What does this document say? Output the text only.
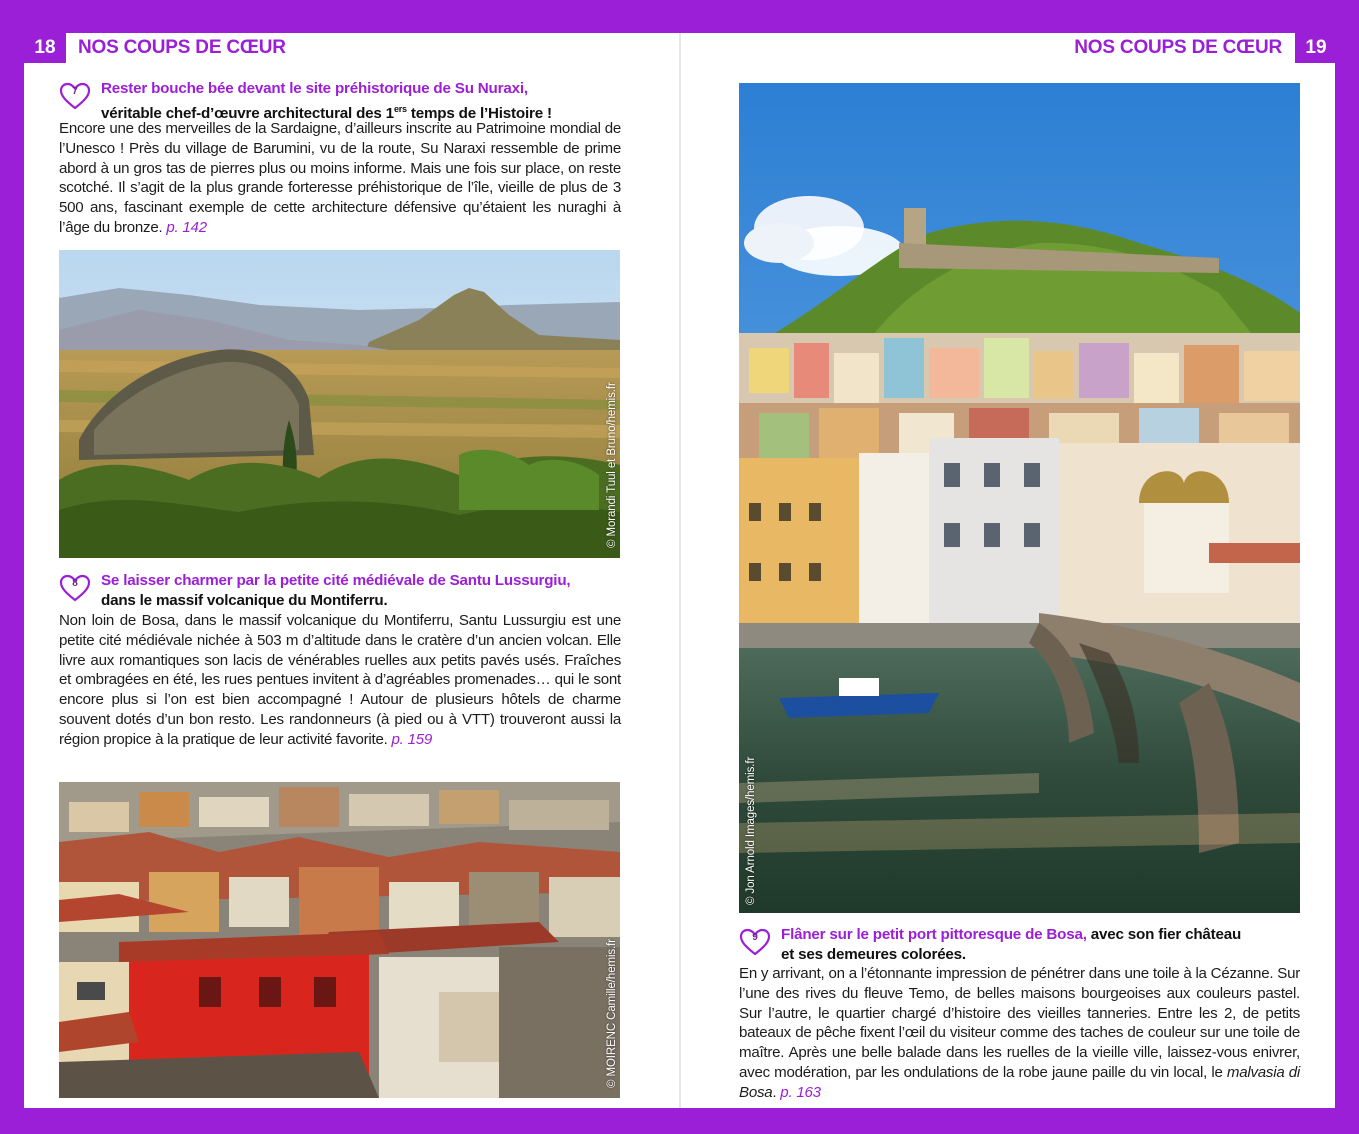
18	NOS COUPS DE CŒUR	NOS COUPS DE CŒUR	19
7	Rester bouche bée devant le site préhistorique de Su Nuraxi,
véritable chef-d’œuvre architectural des 1ers temps de l’Histoire !
Encore une des merveilles de la Sardaigne, d’ailleurs inscrite au Patrimoine mondial de l’Unesco ! Près du village de Barumini, vu de la route, Su Naraxi ressemble de prime abord à un gros tas de pierres plus ou moins informe. Mais une fois sur place, on reste scotché. Il s’agit de la plus grande forteresse préhistorique de l’île, vieille de plus de 3 500 ans, fascinant exemple de cette architecture défensive qu’étaient les nuraghi à l’âge du bronze. p. 142
© Morandi Tuul et Bruno/hemis.fr
8	Se laisser charmer par la petite cité médiévale de Santu Lussurgiu,
dans le massif volcanique du Montiferru.
Non loin de Bosa, dans le massif volcanique du Montiferru, Santu Lussurgiu est une petite cité médiévale nichée à 503 m d’altitude dans le cratère d’un ancien volcan. Elle livre aux romantiques son lacis de vénérables ruelles aux petits pavés usés. Fraîches et ombragées en été, les rues pentues invitent à d’agréables promenades… qui le sont encore plus si l’on est bien accompagné ! Autour de plusieurs hôtels de charme souvent dotés d’un bon resto. Les randonneurs (à pied ou à VTT) trouveront aussi la région propice à la pratique de leur activité favorite. p. 159
© MOIRENC Camille/hemis.fr
© Jon Arnold Images/hemis.fr
9	Flâner sur le petit port pittoresque de Bosa, avec son fier château
et ses demeures colorées.
En y arrivant, on a l’étonnante impression de pénétrer dans une toile à la Cézanne. Sur l’une des rives du fleuve Temo, de belles maisons bourgeoises aux couleurs pastel. Sur l’autre, le quartier chargé d’histoire des vieilles tanneries. Entre les 2, de petits bateaux de pêche fixent l’œil du visiteur comme des taches de couleur sur une toile de maître. Après une belle balade dans les ruelles de la vieille ville, laissez-vous enivrer, avec modération, par les ondulations de la robe jaune paille du vin local, le malvasia di Bosa. p. 163
